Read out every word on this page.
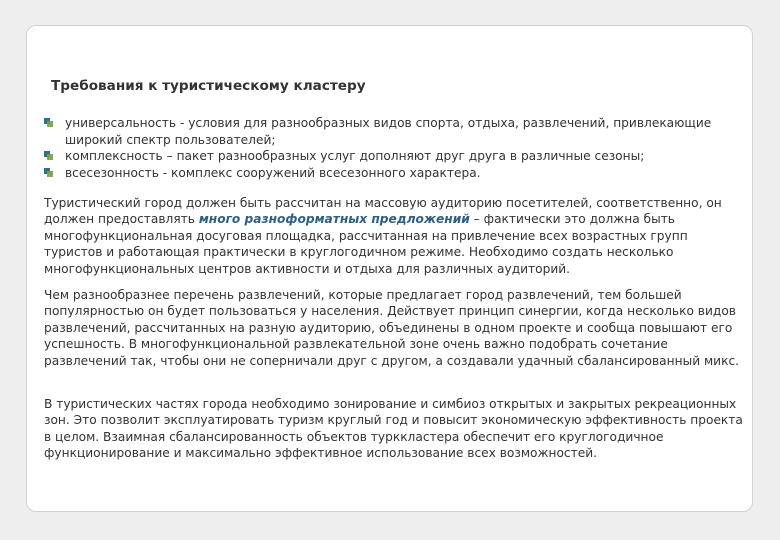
Требования к туристическому кластеру
универсальность - условия для разнообразных видов спорта, отдыха, развлечений, привлекающие широкий спектр пользователей;
комплексность – пакет разнообразных услуг дополняют друг друга в различные сезоны;
всесезонность - комплекс сооружений всесезонного характера.

Туристический город должен быть рассчитан на массовую аудиторию посетителей, соответственно, он должен предоставлять много разноформатных предложений – фактически это должна быть многофункциональная досуговая площадка, рассчитанная на привлечение всех возрастных групп туристов и работающая практически в круглогодичном режиме. Необходимо создать несколько многофункциональных центров активности и отдыха для различных аудиторий.

Чем разнообразнее перечень развлечений, которые предлагает город развлечений, тем большей популярностью он будет пользоваться у населения. Действует принцип синергии, когда несколько видов развлечений, рассчитанных на разную аудиторию, объединены в одном проекте и сообща повышают его успешность. В многофункциональной развлекательной зоне очень важно подобрать сочетание развлечений так, чтобы они не соперничали друг с другом, а создавали удачный сбалансированный микс.

В туристических частях города необходимо зонирование и симбиоз открытых и закрытых рекреационных зон. Это позволит эксплуатировать туризм круглый год и повысит экономическую эффективность проекта в целом. Взаимная сбалансированность объектов турккластера обеспечит его круглогодичное функционирование и максимально эффективное использование всех возможностей.
